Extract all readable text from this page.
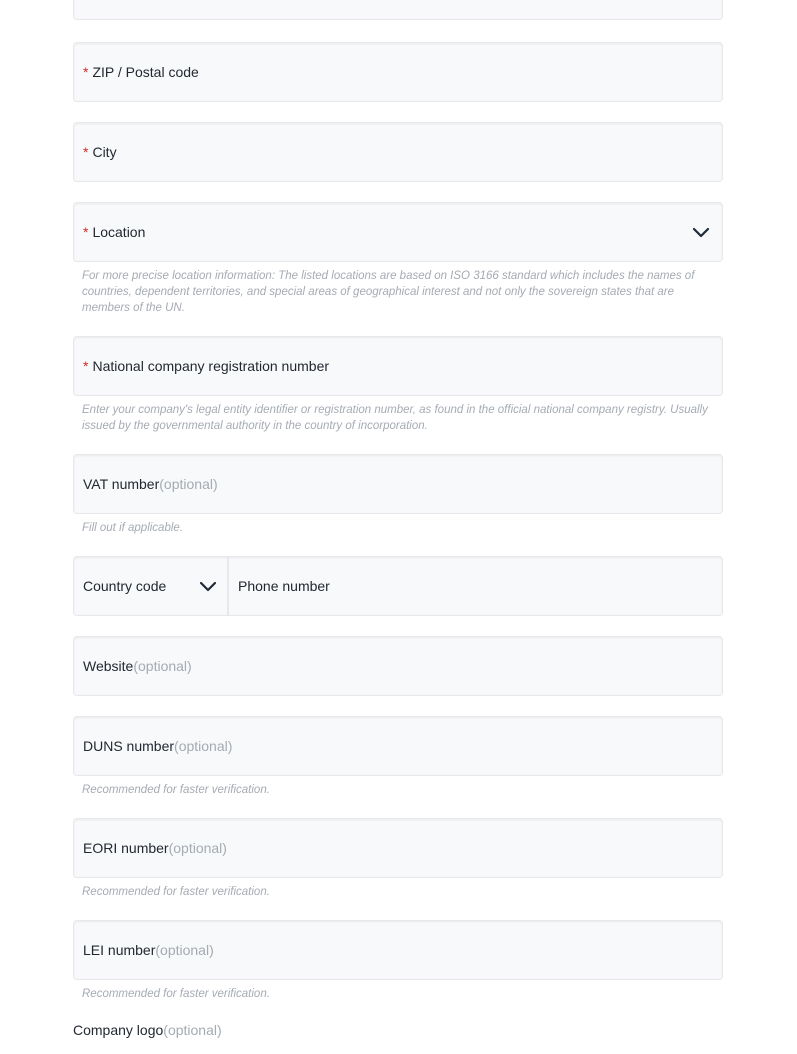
* ZIP / Postal code
* City
* Location
For more precise location information: The listed locations are based on ISO 3166 standard which includes the names of countries, dependent territories, and special areas of geographical interest and not only the sovereign states that are members of the UN.
* National company registration number
Enter your company's legal entity identifier or registration number, as found in the official national company registry. Usually issued by the governmental authority in the country of incorporation.
VAT number(optional)
Fill out if applicable.
Country code	Phone number
Website(optional)
DUNS number(optional)
Recommended for faster verification.
EORI number(optional)
Recommended for faster verification.
LEI number(optional)
Recommended for faster verification.
Company logo(optional)
